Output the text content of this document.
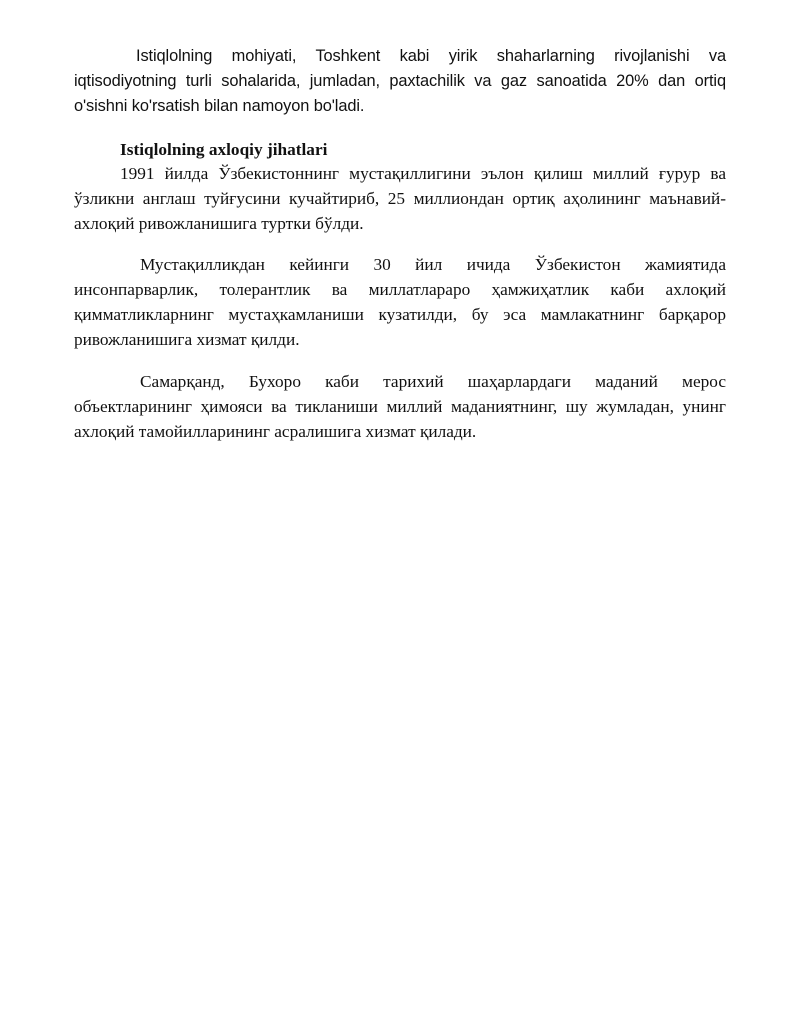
Istiqlolning mohiyati, Toshkent kabi yirik shaharlarning rivojlanishi va iqtisodiyotning turli sohalarida, jumladan, paxtachilik va gaz sanoatida 20% dan ortiq o'sishni ko'rsatish bilan namoyon bo'ladi.

Istiqlolning axloqiy jihatlari

1991 йилда Ўзбекистоннинг мустақиллигини эълон қилиш миллий ғурур ва ўзликни англаш туйғусини кучайтириб, 25 миллиондан ортиқ аҳолининг маънавий-ахлоқий ривожланишига туртки бўлди.

Мустақилликдан кейинги 30 йил ичида Ўзбекистон жамиятида инсонпарварлик, толерантлик ва миллатлараро ҳамжиҳатлик каби ахлоқий қимматликларнинг мустаҳкамланиши кузатилди, бу эса мамлакатнинг барқарор ривожланишига хизмат қилди.

Самарқанд, Бухоро каби тарихий шаҳарлардаги маданий мерос объектларининг ҳимояси ва тикланиши миллий маданиятнинг, шу жумладан, унинг ахлоқий тамойилларининг асралишига хизмат қилади.
